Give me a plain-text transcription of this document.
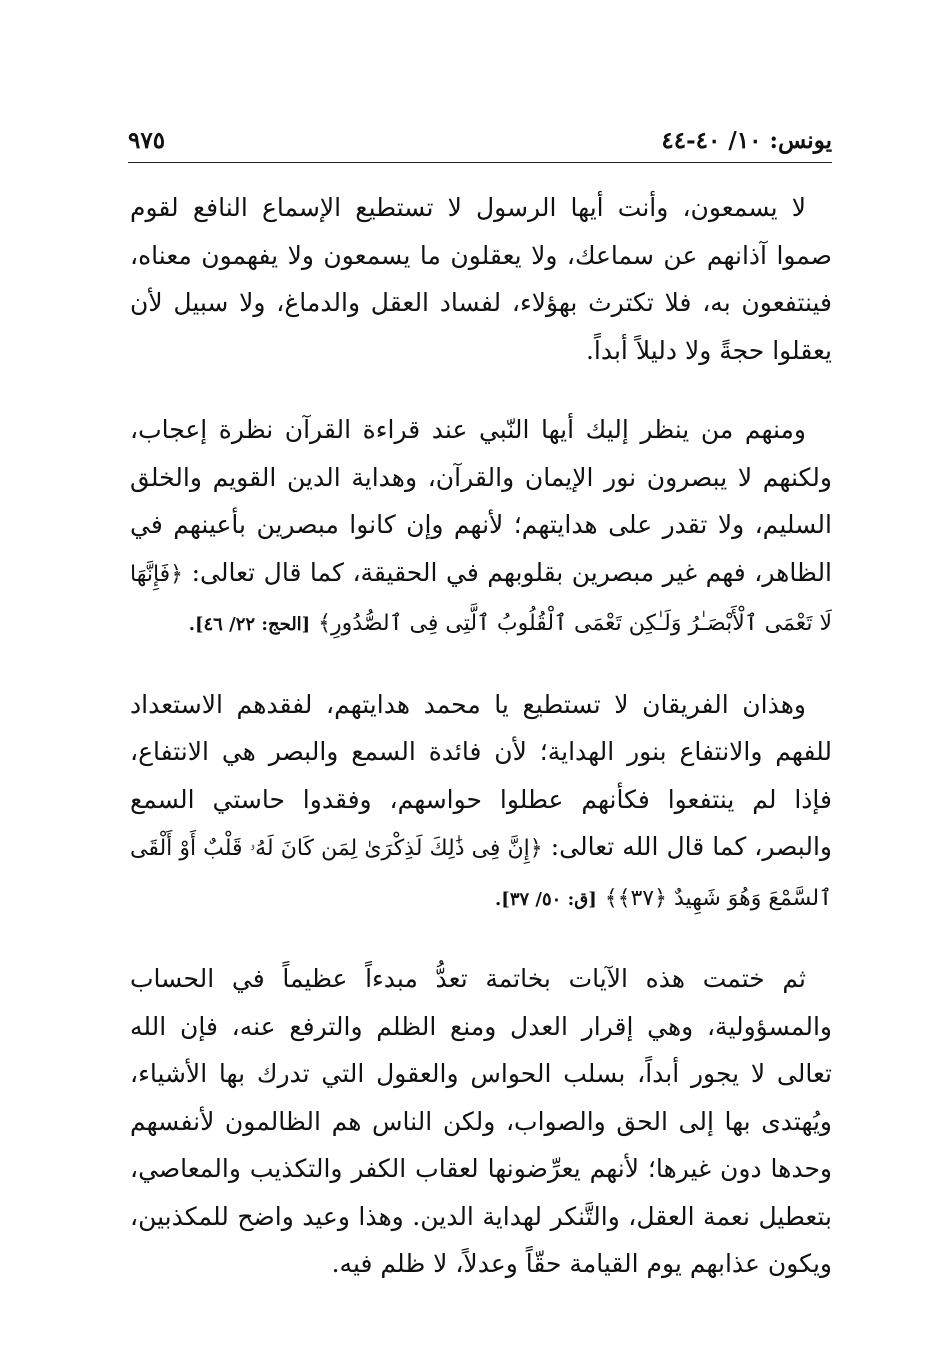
يونس: ١٠/ ٤٠-٤٤
٩٧٥

لا يسمعون، وأنت أيها الرسول لا تستطيع الإسماع النافع لقوم صموا آذانهم عن سماعك، ولا يعقلون ما يسمعون ولا يفهمون معناه، فينتفعون به، فلا تكترث بهؤلاء، لفساد العقل والدماغ، ولا سبيل لأن يعقلوا حجةً ولا دليلاً أبداً.

ومنهم من ينظر إليك أيها النّبي عند قراءة القرآن نظرة إعجاب، ولكنهم لا يبصرون نور الإيمان والقرآن، وهداية الدين القويم والخلق السليم، ولا تقدر على هدايتهم؛ لأنهم وإن كانوا مبصرين بأعينهم في الظاهر، فهم غير مبصرين بقلوبهم في الحقيقة، كما قال تعالى: ﴿فَإِنَّهَا لَا تَعْمَى ٱلْأَبْصَـٰرُ وَلَـٰكِن تَعْمَى ٱلْقُلُوبُ ٱلَّتِى فِى ٱلصُّدُورِ﴾ [الحج: ٢٢/ ٤٦].

وهذان الفريقان لا تستطيع يا محمد هدايتهم، لفقدهم الاستعداد للفهم والانتفاع بنور الهداية؛ لأن فائدة السمع والبصر هي الانتفاع، فإذا لم ينتفعوا فكأنهم عطلوا حواسهم، وفقدوا حاستي السمع والبصر، كما قال الله تعالى: ﴿إِنَّ فِى ذَٰلِكَ لَذِكْرَىٰ لِمَن كَانَ لَهُۥ قَلْبٌ أَوْ أَلْقَى ٱلسَّمْعَ وَهُوَ شَهِيدٌ ﴿٣٧﴾﴾ [ق: ٥٠/ ٣٧].

ثم ختمت هذه الآيات بخاتمة تعدُّ مبدءاً عظيماً في الحساب والمسؤولية، وهي إقرار العدل ومنع الظلم والترفع عنه، فإن الله تعالى لا يجور أبداً، بسلب الحواس والعقول التي تدرك بها الأشياء، ويُهتدى بها إلى الحق والصواب، ولكن الناس هم الظالمون لأنفسهم وحدها دون غيرها؛ لأنهم يعرِّضونها لعقاب الكفر والتكذيب والمعاصي، بتعطيل نعمة العقل، والتَّنكر لهداية الدين. وهذا وعيد واضح للمكذبين، ويكون عذابهم يوم القيامة حقّاً وعدلاً، لا ظلم فيه.
